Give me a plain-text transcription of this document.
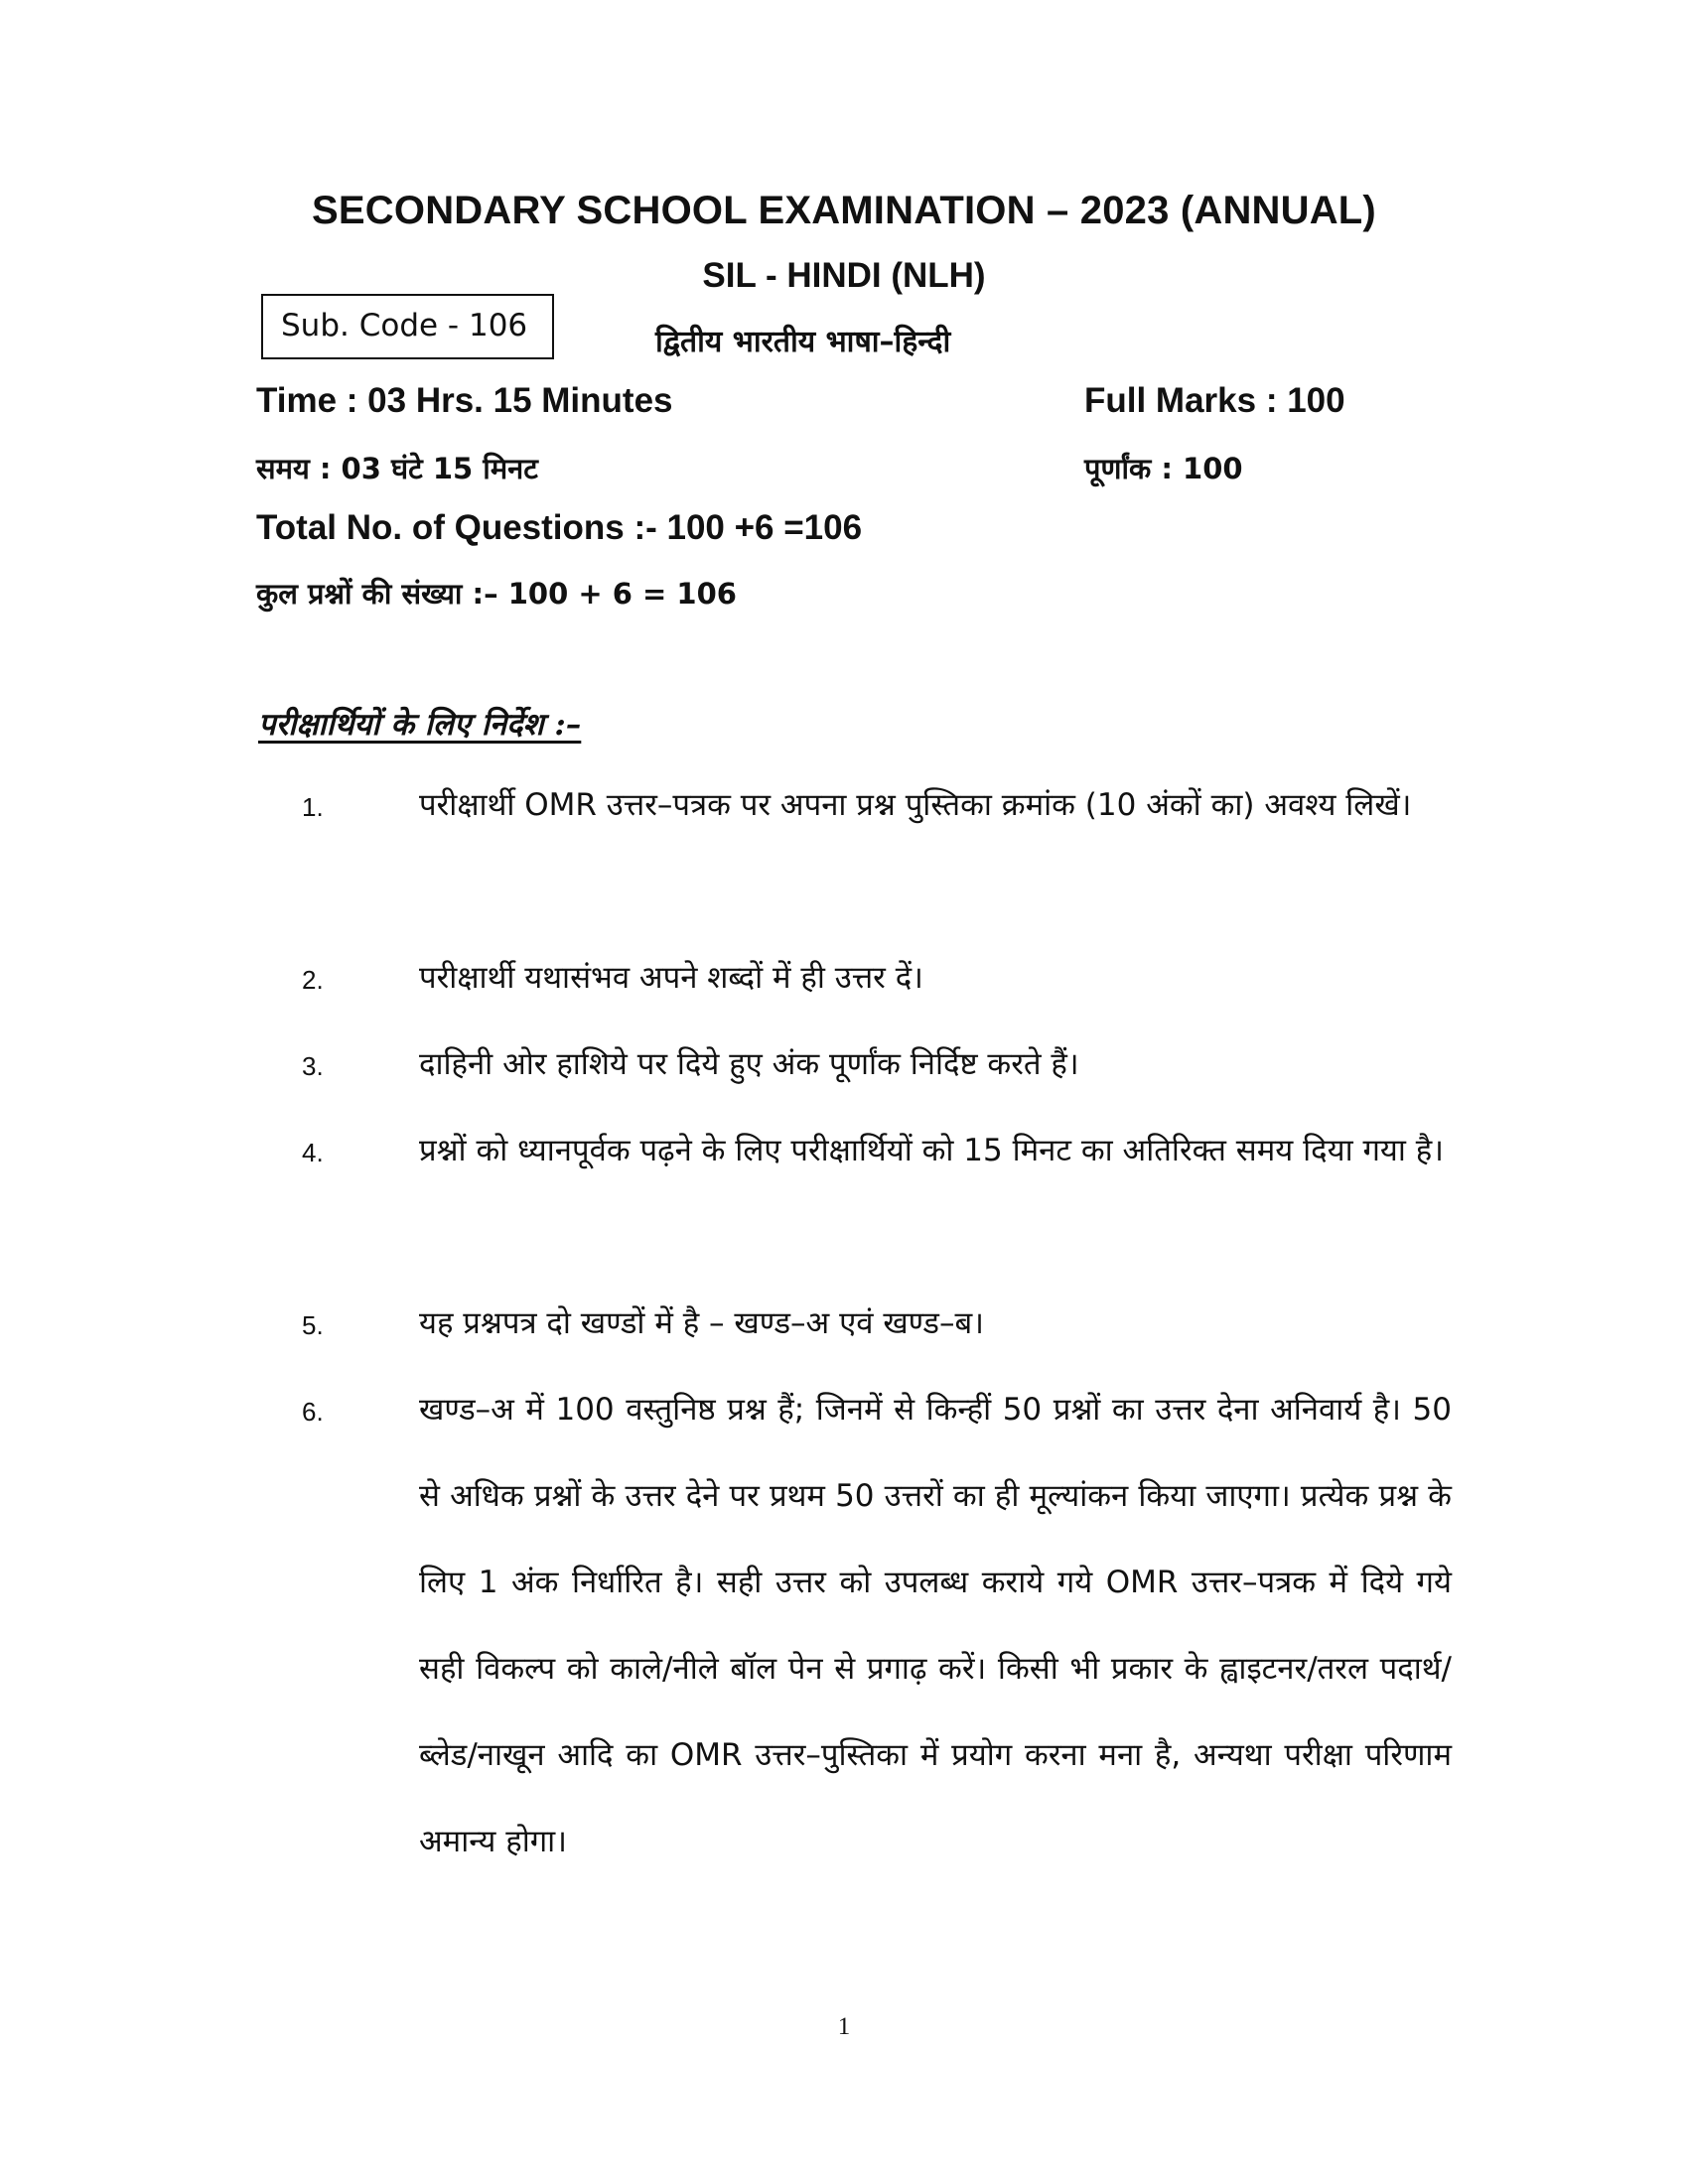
SECONDARY SCHOOL EXAMINATION – 2023 (ANNUAL)
SIL - HINDI (NLH)
Sub. Code - 106	द्वितीय भारतीय भाषा–हिन्दी
Time : 03 Hrs. 15 Minutes	Full Marks : 100
समय : 03 घंटे 15 मिनट	पूर्णांक : 100
Total No. of Questions :- 100 +6 =106
कुल प्रश्नों की संख्या :– 100 + 6 = 106
परीक्षार्थियों के लिए निर्देश :–
1.	परीक्षार्थी OMR उत्तर–पत्रक पर अपना प्रश्न पुस्तिका क्रमांक (10 अंकों का) अवश्य लिखें।
2.	परीक्षार्थी यथासंभव अपने शब्दों में ही उत्तर दें।
3.	दाहिनी ओर हाशिये पर दिये हुए अंक पूर्णांक निर्दिष्ट करते हैं।
4.	प्रश्नों को ध्यानपूर्वक पढ़ने के लिए परीक्षार्थियों को 15 मिनट का अतिरिक्त समय दिया गया है।
5.	यह प्रश्नपत्र दो खण्डों में है – खण्ड–अ एवं खण्ड–ब।
6.	खण्ड–अ में 100 वस्तुनिष्ठ प्रश्न हैं; जिनमें से किन्हीं 50 प्रश्नों का उत्तर देना अनिवार्य है। 50 से अधिक प्रश्नों के उत्तर देने पर प्रथम 50 उत्तरों का ही मूल्यांकन किया जाएगा। प्रत्येक प्रश्न के लिए 1 अंक निर्धारित है। सही उत्तर को उपलब्ध कराये गये OMR उत्तर–पत्रक में दिये गये सही विकल्प को काले/नीले बॉल पेन से प्रगाढ़ करें। किसी भी प्रकार के ह्वाइटनर/तरल पदार्थ/ब्लेड/नाखून आदि का OMR उत्तर–पुस्तिका में प्रयोग करना मना है, अन्यथा परीक्षा परिणाम अमान्य होगा।
1
